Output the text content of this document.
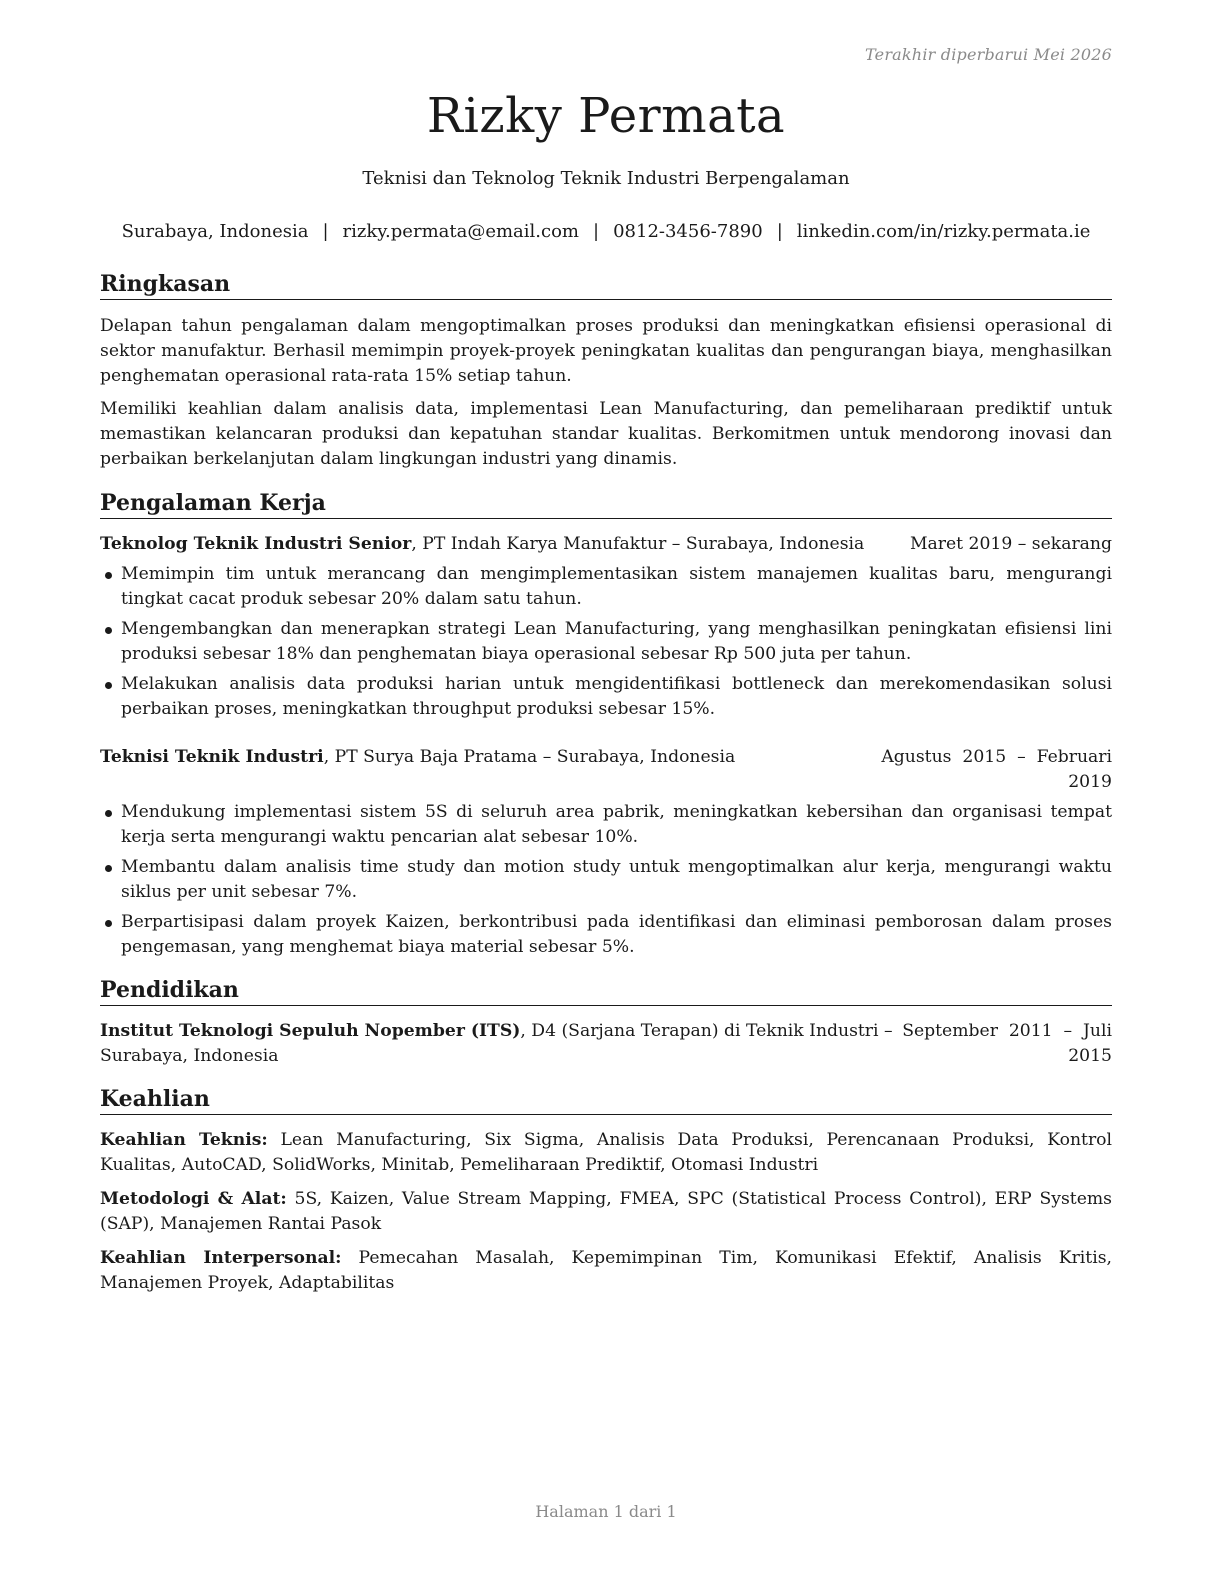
Terakhir diperbarui Mei 2026
Rizky Permata
Teknisi dan Teknolog Teknik Industri Berpengalaman
Surabaya, Indonesia | rizky.permata@email.com | 0812-3456-7890 | linkedin.com/in/rizky.permata.ie
Ringkasan

Delapan tahun pengalaman dalam mengoptimalkan proses produksi dan meningkatkan efisiensi operasional di sektor manufaktur. Berhasil memimpin proyek-proyek peningkatan kualitas dan pengurangan biaya, menghasilkan penghematan operasional rata-rata 15% setiap tahun.

Memiliki keahlian dalam analisis data, implementasi Lean Manufacturing, dan pemeliharaan prediktif untuk memastikan kelancaran produksi dan kepatuhan standar kualitas. Berkomitmen untuk mendorong inovasi dan perbaikan berkelanjutan dalam lingkungan industri yang dinamis.

Pengalaman Kerja
Teknolog Teknik Industri Senior, PT Indah Karya Manufaktur – Surabaya, Indonesia	Maret 2019 – sekarang
Memimpin tim untuk merancang dan mengimplementasikan sistem manajemen kualitas baru, mengurangi tingkat cacat produk sebesar 20% dalam satu tahun.
Mengembangkan dan menerapkan strategi Lean Manufacturing, yang menghasilkan peningkatan efisiensi lini produksi sebesar 18% dan penghematan biaya operasional sebesar Rp 500 juta per tahun.
Melakukan analisis data produksi harian untuk mengidentifikasi bottleneck dan merekomendasikan solusi perbaikan proses, meningkatkan throughput produksi sebesar 15%.
Teknisi Teknik Industri, PT Surya Baja Pratama – Surabaya, Indonesia	Agustus  2015  –  Februari
2019
Mendukung implementasi sistem 5S di seluruh area pabrik, meningkatkan kebersihan dan organisasi tempat kerja serta mengurangi waktu pencarian alat sebesar 10%.
Membantu dalam analisis time study dan motion study untuk mengoptimalkan alur kerja, mengurangi waktu siklus per unit sebesar 7%.
Berpartisipasi dalam proyek Kaizen, berkontribusi pada identifikasi dan eliminasi pemborosan dalam proses pengemasan, yang menghemat biaya material sebesar 5%.
Pendidikan
Institut Teknologi Sepuluh Nopember (ITS), D4 (Sarjana Terapan) di Teknik Industri –
Surabaya, Indonesia
September  2011  –  Juli
2015
Keahlian
Keahlian Teknis: Lean Manufacturing, Six Sigma, Analisis Data Produksi, Perencanaan Produksi, Kontrol Kualitas, AutoCAD, SolidWorks, Minitab, Pemeliharaan Prediktif, Otomasi Industri
Metodologi & Alat: 5S, Kaizen, Value Stream Mapping, FMEA, SPC (Statistical Process Control), ERP Systems (SAP), Manajemen Rantai Pasok
Keahlian Interpersonal: Pemecahan Masalah, Kepemimpinan Tim, Komunikasi Efektif, Analisis Kritis, Manajemen Proyek, Adaptabilitas
Halaman 1 dari 1
